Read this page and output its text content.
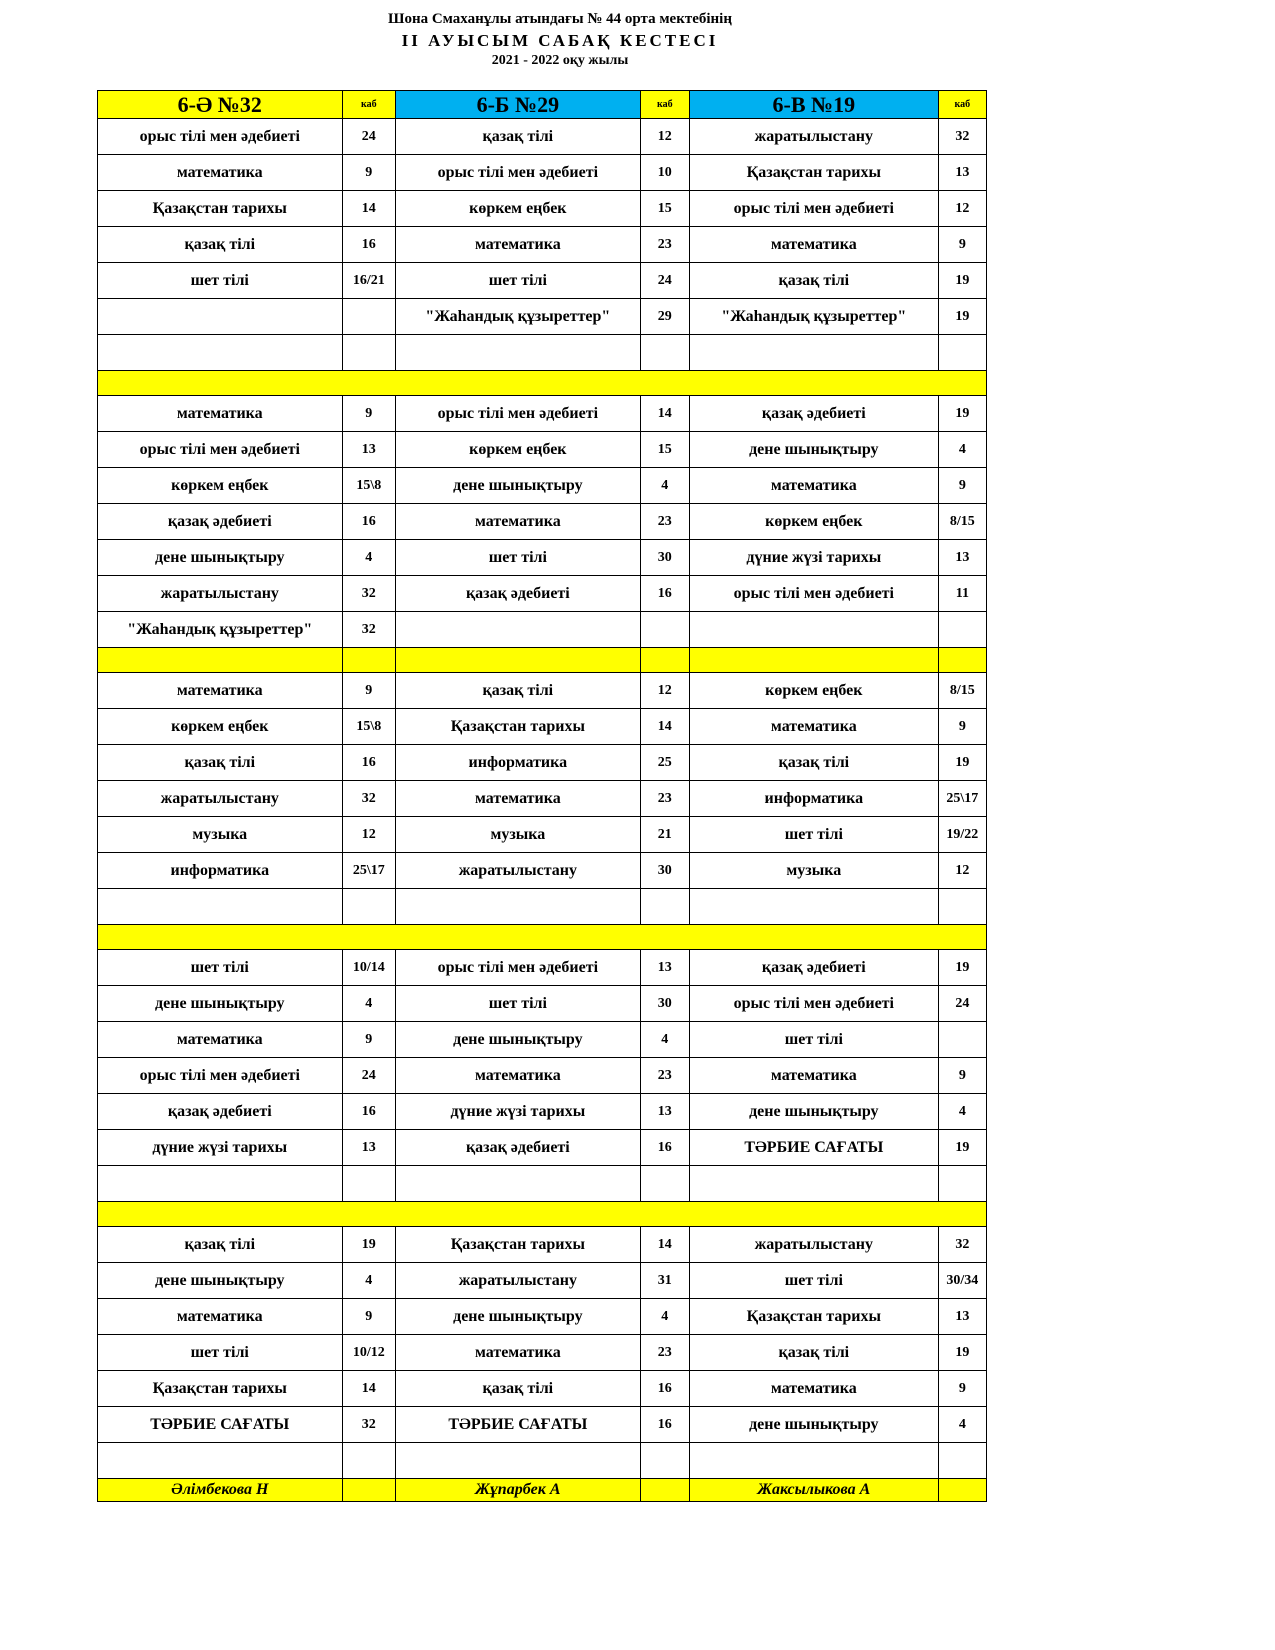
Шона Смаханұлы атындағы № 44 орта мектебінің
ІІ АУЫСЫМ САБАҚ КЕСТЕСІ
2021 - 2022 оқу жылы
6-Ә №32	каб	6-Б №29	каб	6-В №19	каб
орыс тілі мен әдебиеті	24	қазақ тілі	12	жаратылыстану	32
математика	9	орыс тілі мен әдебиеті	10	Қазақстан тарихы	13
Қазақстан тарихы	14	көркем еңбек	15	орыс тілі мен әдебиеті	12
қазақ тілі	16	математика	23	математика	9
шет тілі	16/21	шет тілі	24	қазақ тілі	19
		"Жаһандық құзыреттер"	29	"Жаһандық құзыреттер"	19

математика	9	орыс тілі мен әдебиеті	14	қазақ әдебиеті	19
орыс тілі мен әдебиеті	13	көркем еңбек	15	дене шынықтыру	4
көркем еңбек	15\8	дене шынықтыру	4	математика	9
қазақ әдебиеті	16	математика	23	көркем еңбек	8/15
дене шынықтыру	4	шет тілі	30	дүние жүзі тарихы	13
жаратылыстану	32	қазақ әдебиеті	16	орыс тілі мен әдебиеті	11
"Жаһандық құзыреттер"	32				

математика	9	қазақ тілі	12	көркем еңбек	8/15
көркем еңбек	15\8	Қазақстан тарихы	14	математика	9
қазақ тілі	16	информатика	25	қазақ тілі	19
жаратылыстану	32	математика	23	информатика	25\17
музыка	12	музыка	21	шет тілі	19/22
информатика	25\17	жаратылыстану	30	музыка	12

шет тілі	10/14	орыс тілі мен әдебиеті	13	қазақ әдебиеті	19
дене шынықтыру	4	шет тілі	30	орыс тілі мен әдебиеті	24
математика	9	дене шынықтыру	4	шет тілі	
орыс тілі мен әдебиеті	24	математика	23	математика	9
қазақ әдебиеті	16	дүние жүзі тарихы	13	дене шынықтыру	4
дүние жүзі тарихы	13	қазақ әдебиеті	16	ТӘРБИЕ САҒАТЫ	19

қазақ тілі	19	Қазақстан тарихы	14	жаратылыстану	32
дене шынықтыру	4	жаратылыстану	31	шет тілі	30/34
математика	9	дене шынықтыру	4	Қазақстан тарихы	13
шет тілі	10/12	математика	23	қазақ тілі	19
Қазақстан тарихы	14	қазақ тілі	16	математика	9
ТӘРБИЕ САҒАТЫ	32	ТӘРБИЕ САҒАТЫ	16	дене шынықтыру	4

Әлімбекова Н		Жұпарбек А		Жаксылыкова А	
